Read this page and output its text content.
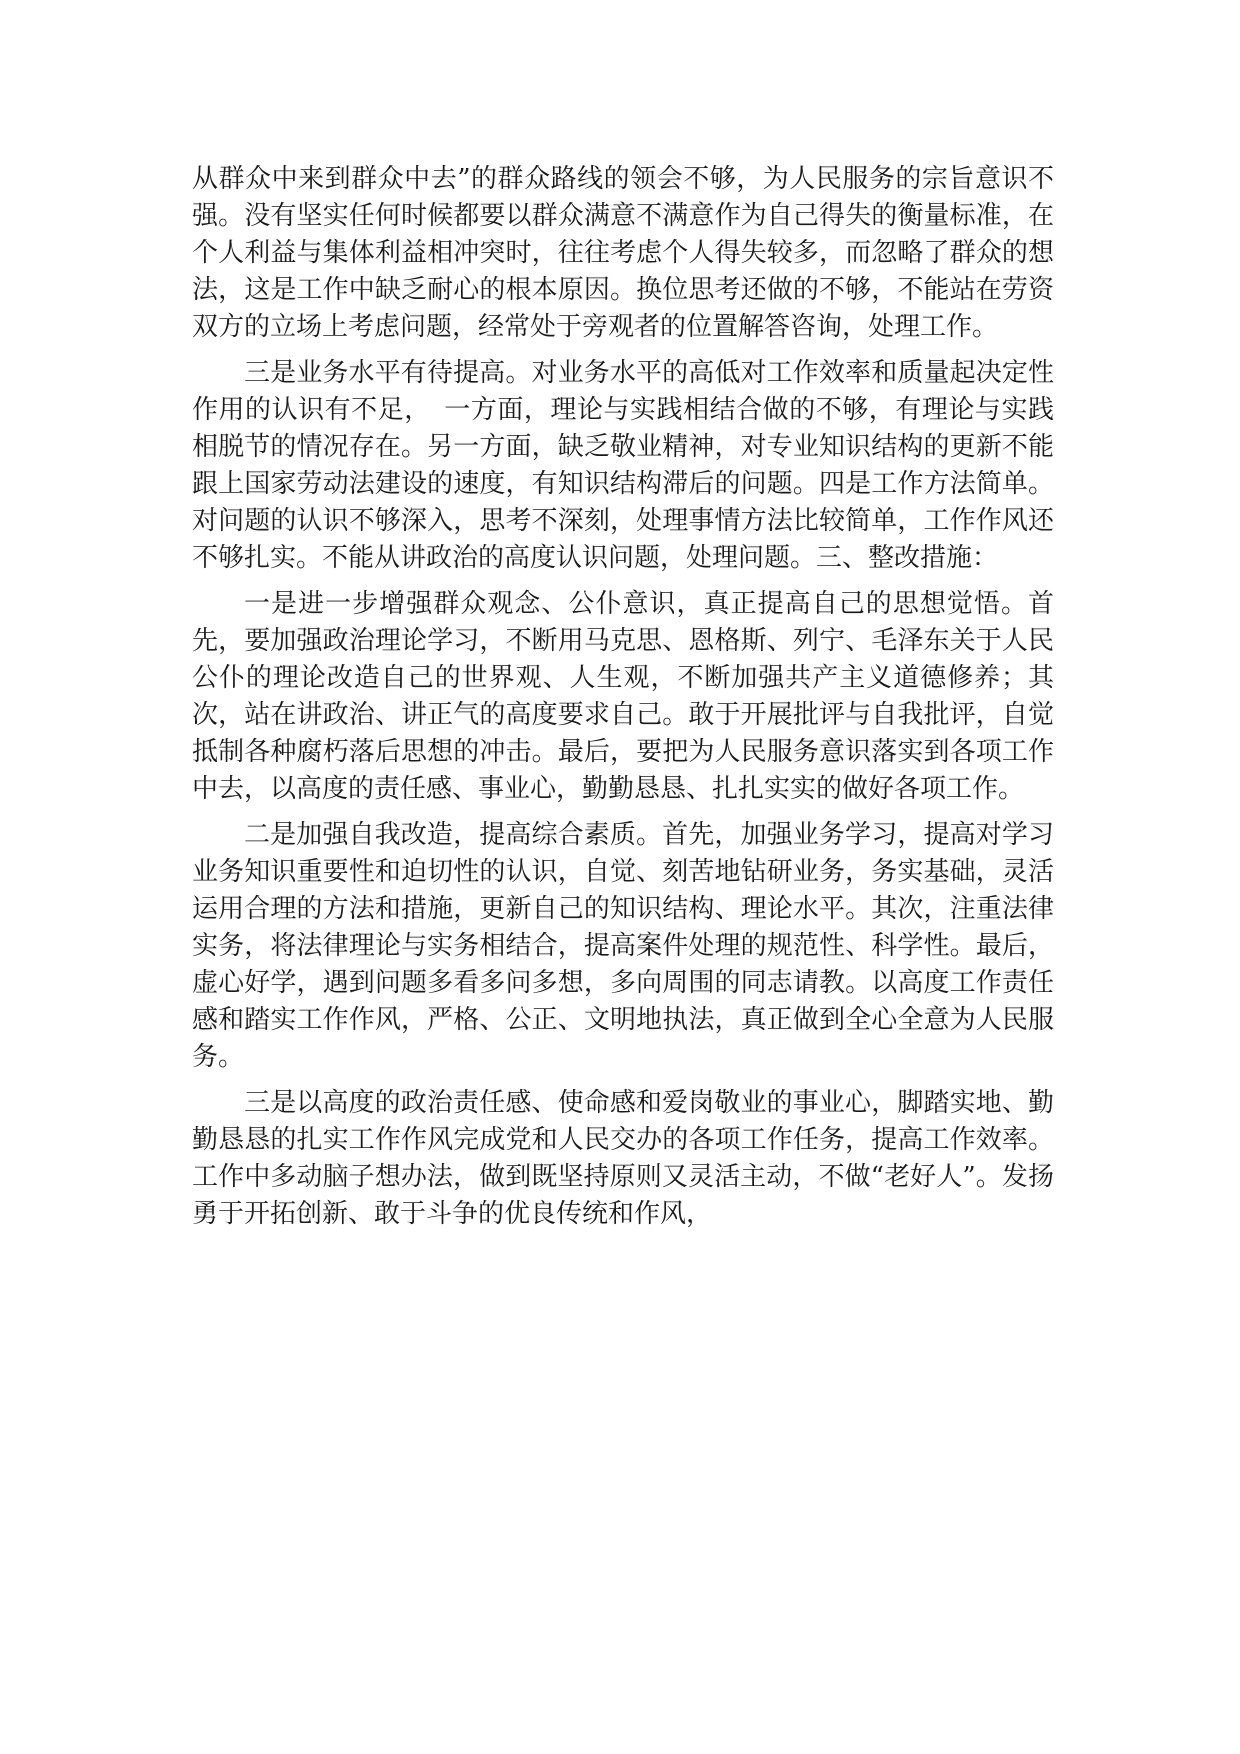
从群众中来到群众中去”的群众路线的领会不够，为人民服务的宗旨意识不强。没有坚实任何时候都要以群众满意不满意作为自己得失的衡量标准，在个人利益与集体利益相冲突时，往往考虑个人得失较多，而忽略了群众的想法，这是工作中缺乏耐心的根本原因。换位思考还做的不够，不能站在劳资双方的立场上考虑问题，经常处于旁观者的位置解答咨询，处理工作。

三是业务水平有待提高。对业务水平的高低对工作效率和质量起决定性作用的认识有不足，　一方面，理论与实践相结合做的不够，有理论与实践相脱节的情况存在。另一方面，缺乏敬业精神，对专业知识结构的更新不能跟上国家劳动法建设的速度，有知识结构滞后的问题。四是工作方法简单。对问题的认识不够深入，思考不深刻，处理事情方法比较简单，工作作风还不够扎实。不能从讲政治的高度认识问题，处理问题。三、整改措施：

一是进一步增强群众观念、公仆意识，真正提高自己的思想觉悟。首先，要加强政治理论学习，不断用马克思、恩格斯、列宁、毛泽东关于人民公仆的理论改造自己的世界观、人生观，不断加强共产主义道德修养；其次，站在讲政治、讲正气的高度要求自己。敢于开展批评与自我批评，自觉抵制各种腐朽落后思想的冲击。最后，要把为人民服务意识落实到各项工作中去，以高度的责任感、事业心，勤勤恳恳、扎扎实实的做好各项工作。

二是加强自我改造，提高综合素质。首先，加强业务学习，提高对学习业务知识重要性和迫切性的认识，自觉、刻苦地钻研业务，务实基础，灵活运用合理的方法和措施，更新自己的知识结构、理论水平。其次，注重法律实务，将法律理论与实务相结合，提高案件处理的规范性、科学性。最后，虚心好学，遇到问题多看多问多想，多向周围的同志请教。以高度工作责任感和踏实工作作风，严格、公正、文明地执法，真正做到全心全意为人民服务。

三是以高度的政治责任感、使命感和爱岗敬业的事业心，脚踏实地、勤勤恳恳的扎实工作作风完成党和人民交办的各项工作任务，提高工作效率。工作中多动脑子想办法，做到既坚持原则又灵活主动，不做“老好人”。发扬勇于开拓创新、敢于斗争的优良传统和作风，
